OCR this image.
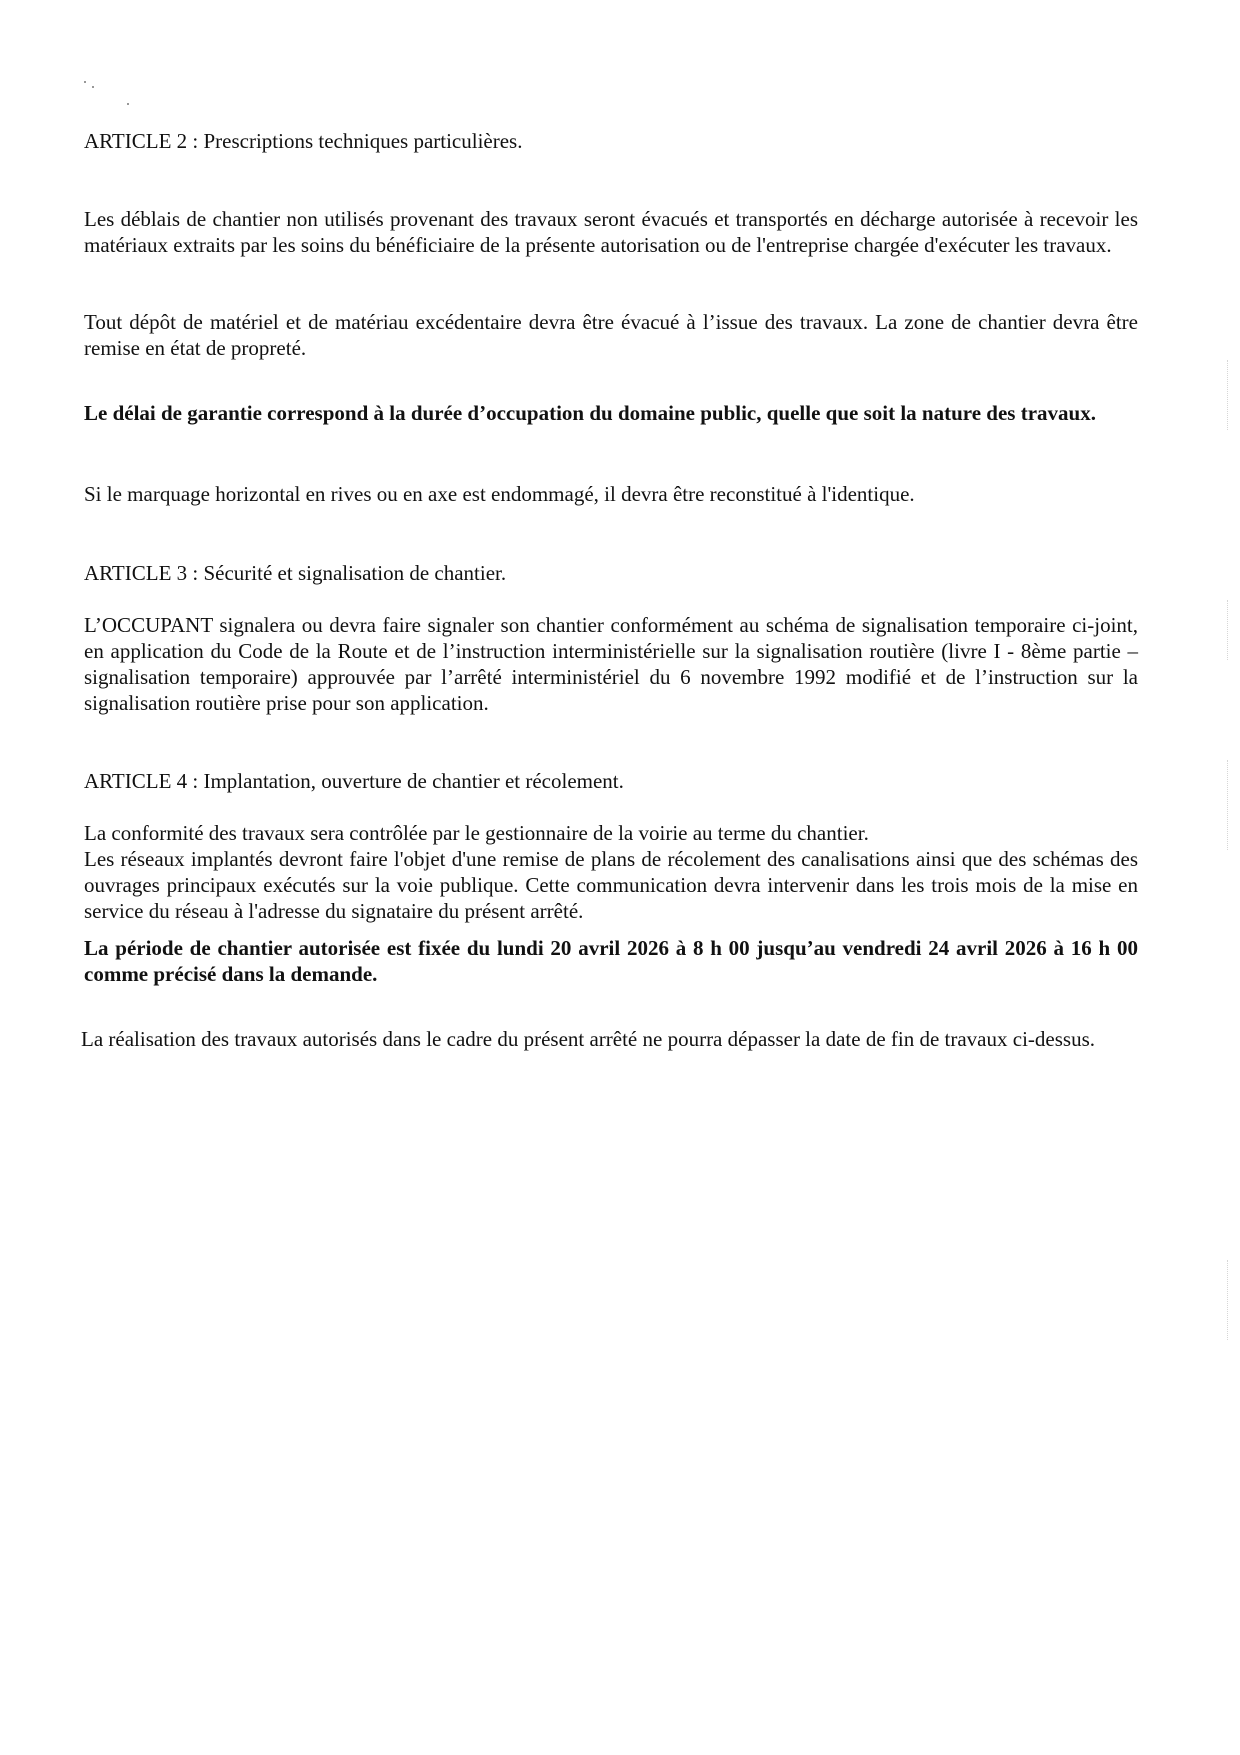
ARTICLE 2 : Prescriptions techniques particulières.

Les déblais de chantier non utilisés provenant des travaux seront évacués et transportés en décharge autorisée à recevoir les matériaux extraits par les soins du bénéficiaire de la présente autorisation ou de l'entreprise chargée d'exécuter les travaux.

Tout dépôt de matériel et de matériau excédentaire devra être évacué à l’issue des travaux. La zone de chantier devra être remise en état de propreté.

Le délai de garantie correspond à la durée d’occupation du domaine public, quelle que soit la nature des travaux.

Si le marquage horizontal en rives ou en axe est endommagé, il devra être reconstitué à l'identique.

ARTICLE 3 : Sécurité et signalisation de chantier.

L’OCCUPANT signalera ou devra faire signaler son chantier conformément au schéma de signalisation temporaire ci-joint, en application du Code de la Route et de l’instruction interministérielle sur la signalisation routière (livre I - 8ème partie – signalisation temporaire) approuvée par l’arrêté interministériel du 6 novembre 1992 modifié et de l’instruction sur la signalisation routière prise pour son application.

ARTICLE 4 : Implantation, ouverture de chantier et récolement.

La conformité des travaux sera contrôlée par le gestionnaire de la voirie au terme du chantier.

Les réseaux implantés devront faire l'objet d'une remise de plans de récolement des canalisations ainsi que des schémas des ouvrages principaux exécutés sur la voie publique. Cette communication devra intervenir dans les trois mois de la mise en service du réseau à l'adresse du signataire du présent arrêté.

La période de chantier autorisée est fixée du lundi 20 avril 2026 à 8 h 00 jusqu’au vendredi 24 avril 2026 à 16 h 00 comme précisé dans la demande.

La réalisation des travaux autorisés dans le cadre du présent arrêté ne pourra dépasser la date de fin de travaux ci-dessus.
